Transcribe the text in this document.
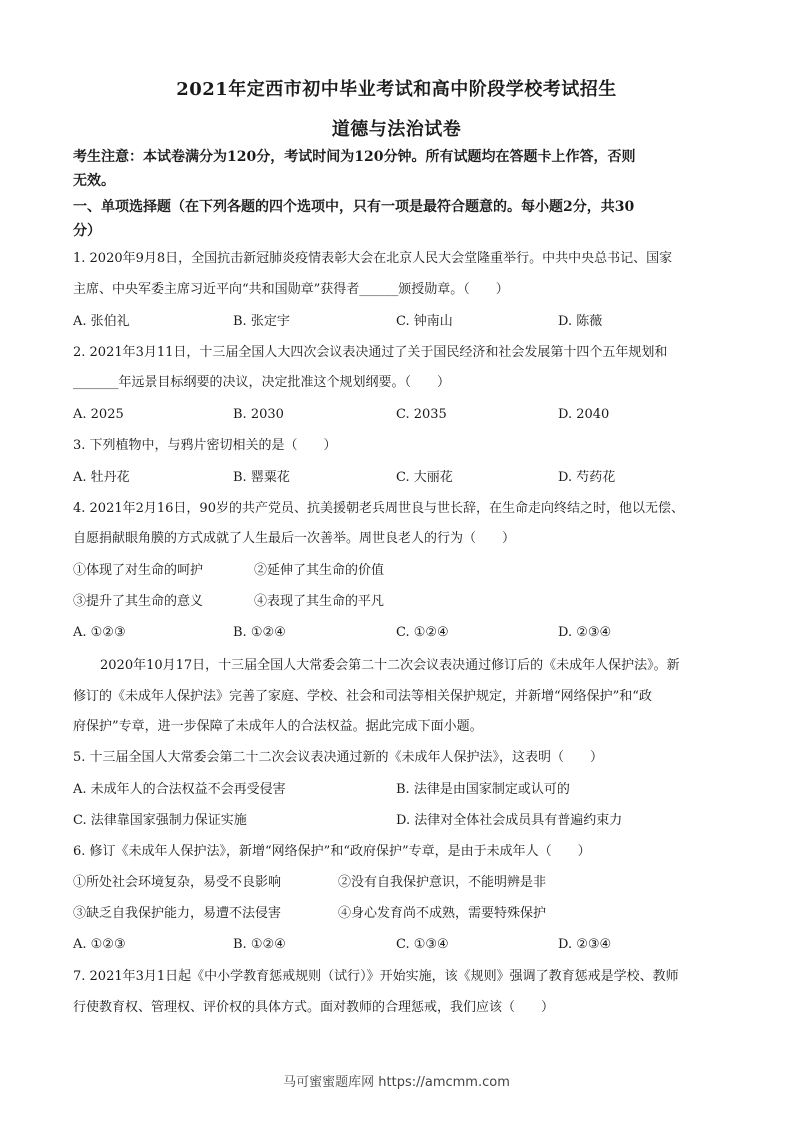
2021年定西市初中毕业考试和高中阶段学校考试招生
道德与法治试卷
考生注意：本试卷满分为120分，考试时间为120分钟。所有试题均在答题卡上作答，否则
无效。
一、单项选择题（在下列各题的四个选项中，只有一项是最符合题意的。每小题2分，共30
分）
1. 2020年9月8日，全国抗击新冠肺炎疫情表彰大会在北京人民大会堂隆重举行。中共中央总书记、国家
主席、中央军委主席习近平向“共和国勋章”获得者______颁授勋章。（　　）
A. 张伯礼	B. 张定宇	C. 钟南山	D. 陈薇
2. 2021年3月11日，十三届全国人大四次会议表决通过了关于国民经济和社会发展第十四个五年规划和
_______年远景目标纲要的决议，决定批准这个规划纲要。（　　）
A. 2025	B. 2030	C. 2035	D. 2040
3. 下列植物中，与鸦片密切相关的是（　　）
A. 牡丹花	B. 罂粟花	C. 大丽花	D. 芍药花
4. 2021年2月16日，90岁的共产党员、抗美援朝老兵周世良与世长辞，在生命走向终结之时，他以无偿、
自愿捐献眼角膜的方式成就了人生最后一次善举。周世良老人的行为（　　）
①体现了对生命的呵护	②延伸了其生命的价值
③提升了其生命的意义	④表现了其生命的平凡
A. ①②③	B. ①②④	C. ①②④	D. ②③④
2020年10月17日，十三届全国人大常委会第二十二次会议表决通过修订后的《未成年人保护法》。新
修订的《未成年人保护法》完善了家庭、学校、社会和司法等相关保护规定，并新增“网络保护”和“政
府保护”专章，进一步保障了未成年人的合法权益。据此完成下面小题。
5. 十三届全国人大常委会第二十二次会议表决通过新的《未成年人保护法》，这表明（　　）
A. 未成年人的合法权益不会再受侵害	B. 法律是由国家制定或认可的
C. 法律靠国家强制力保证实施	D. 法律对全体社会成员具有普遍约束力
6. 修订《未成年人保护法》，新增“网络保护”和“政府保护”专章，是由于未成年人（　　）
①所处社会环境复杂，易受不良影响	②没有自我保护意识，不能明辨是非
③缺乏自我保护能力，易遭不法侵害	④身心发育尚不成熟，需要特殊保护
A. ①②③	B. ①②④	C. ①③④	D. ②③④
7. 2021年3月1日起《中小学教育惩戒规则（试行）》开始实施，该《规则》强调了教育惩戒是学校、教师
行使教育权、管理权、评价权的具体方式。面对教师的合理惩戒，我们应该（　　）
马可蜜蜜题库网 https://amcmm.com
